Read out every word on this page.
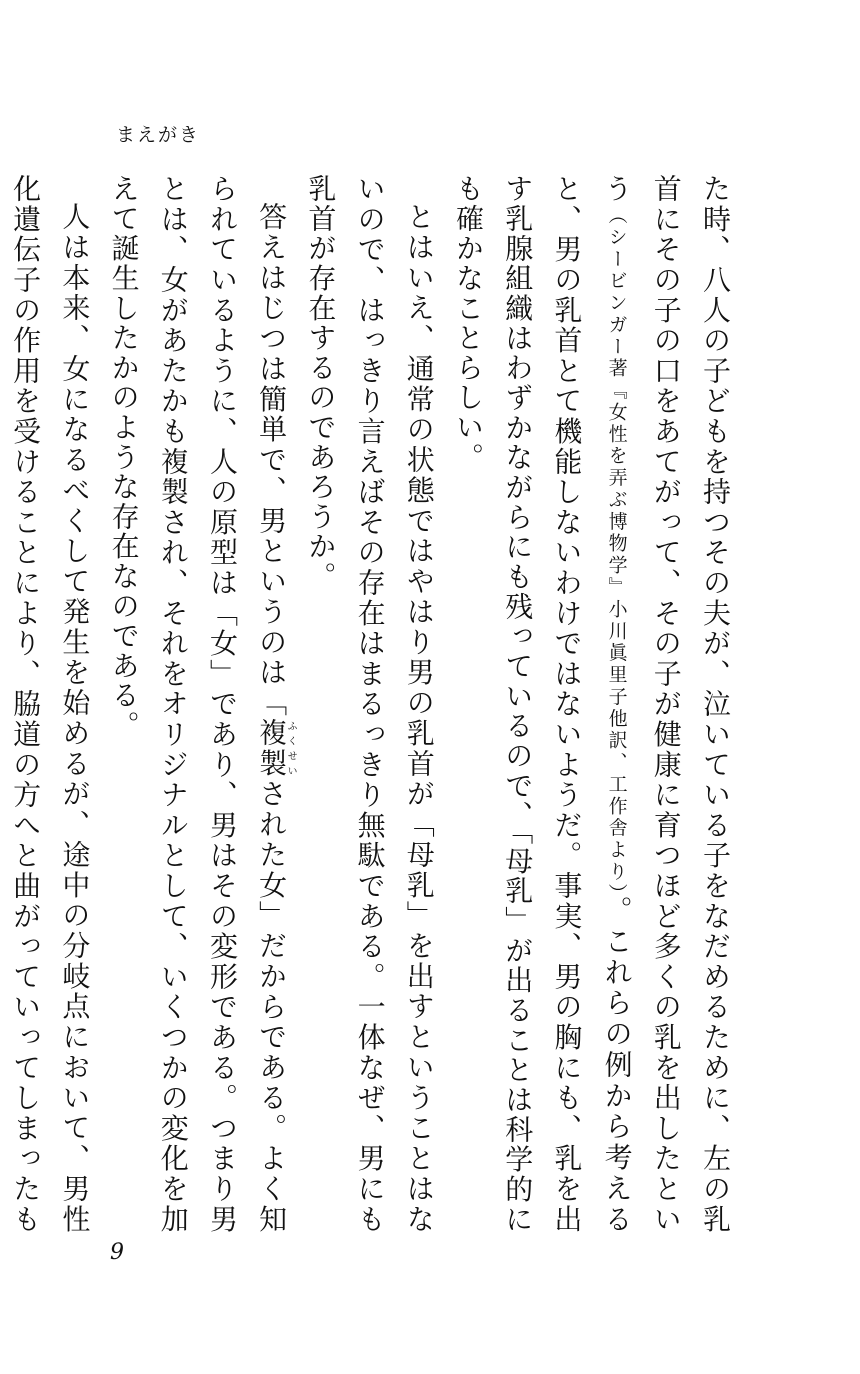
まえがき

た時、八人の子どもを持つその夫が、泣いている子をなだめるために、左の乳首にその子の口をあてがって、その子が健康に育つほど多くの乳を出したという（シービンガー著『女性を弄ぶ博物学』小川眞里子他訳、工作舎より）。これらの例から考えると、男の乳首とて機能しないわけではないようだ。事実、男の胸にも、乳を出す乳腺組織はわずかながらにも残っているので、「母乳」が出ることは科学的にも確かなことらしい。

とはいえ、通常の状態ではやはり男の乳首が「母乳」を出すということはないので、はっきり言えばその存在はまるっきり無駄である。一体なぜ、男にも乳首が存在するのであろうか。

答えはじつは簡単で、男というのは「複製ふくせいされた女」だからである。よく知られているように、人の原型は「女」であり、男はその変形である。つまり男とは、女があたかも複製され、それをオリジナルとして、いくつかの変化を加えて誕生したかのような存在なのである。

人は本来、女になるべくして発生を始めるが、途中の分岐点において、男性化遺伝子の作用を受けることにより、脇道の方へと曲がっていってしまったも

9
